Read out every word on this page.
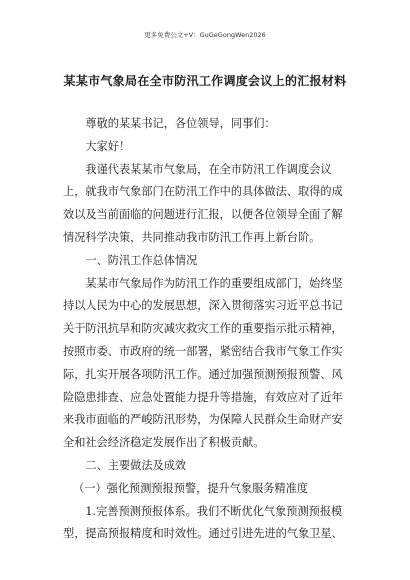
更多免费公文+V：GuGeGongWen2026
某某市气象局在全市防汛工作调度会议上的汇报材料

尊敬的某某书记，各位领导，同事们：

大家好！

我谨代表某某市气象局，在全市防汛工作调度会议上，就我市气象部门在防汛工作中的具体做法、取得的成效以及当前面临的问题进行汇报，以便各位领导全面了解情况科学决策，共同推动我市防汛工作再上新台阶。

一、防汛工作总体情况

某某市气象局作为防汛工作的重要组成部门，始终坚持以人民为中心的发展思想，深入贯彻落实习近平总书记关于防汛抗旱和防灾减灾救灾工作的重要指示批示精神，按照市委、市政府的统一部署，紧密结合我市气象工作实际，扎实开展各项防汛工作。通过加强预测预报预警、风险隐患排查、应急处置能力提升等措施，有效应对了近年来我市面临的严峻防汛形势，为保障人民群众生命财产安全和社会经济稳定发展作出了积极贡献。

二、主要做法及成效

（一）强化预测预报预警，提升气象服务精准度

1.完善预测预报体系。我们不断优化气象预测预报模型，提高预报精度和时效性。通过引进先进的气象卫星、
